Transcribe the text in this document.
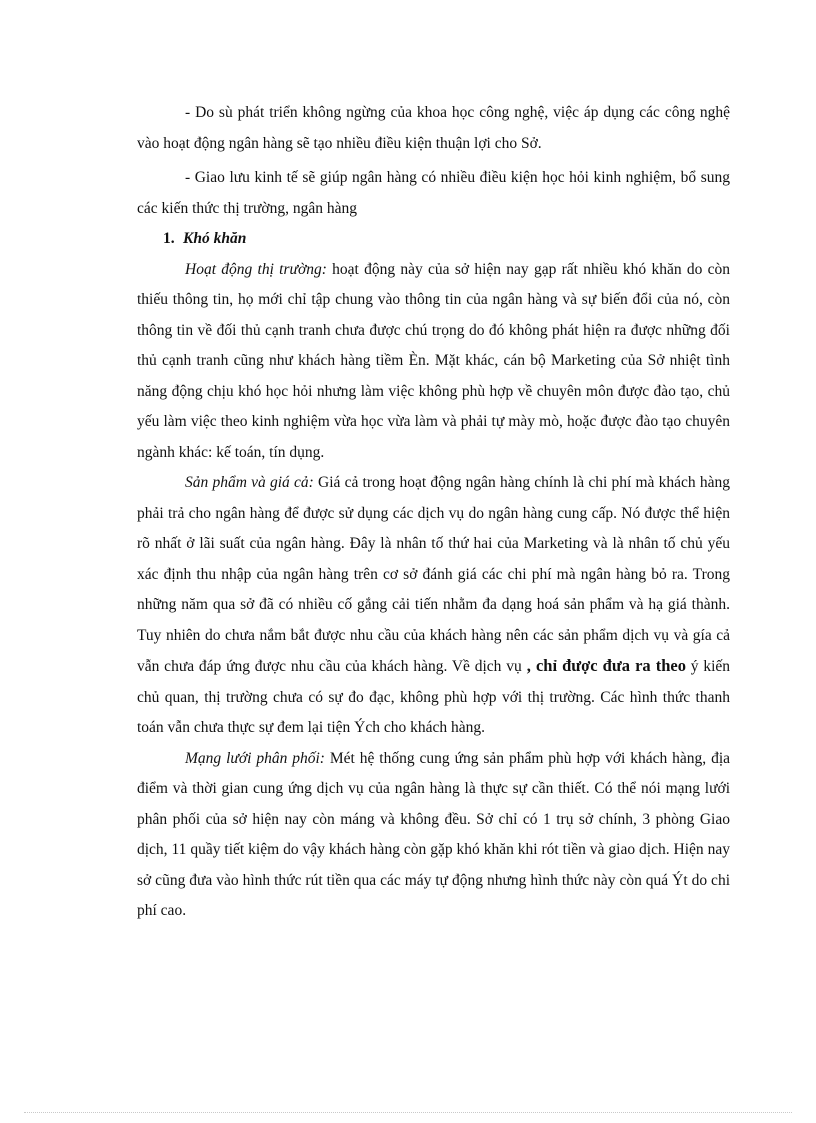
- Do sù phát triển không ngừng của khoa học công nghệ, việc áp dụng các công nghệ vào hoạt động ngân hàng sẽ tạo nhiều điều kiện thuận lợi cho Sở.

- Giao lưu kinh tế sẽ giúp ngân hàng có nhiều điều kiện học hỏi kinh nghiệm, bổ sung các kiến thức thị trường, ngân hàng

1. Khó khăn

Hoạt động thị trường: hoạt động này của sở hiện nay gạp rất nhiều khó khăn do còn thiếu thông tin, họ mới chỉ tập chung vào thông tin của ngân hàng và sự biến đổi của nó, còn thông tin về đối thủ cạnh tranh chưa được chú trọng do đó không phát hiện ra được những đối thủ cạnh tranh cũng như khách hàng tiềm Èn. Mặt khác, cán bộ Marketing của Sở nhiệt tình năng động chịu khó học hỏi nhưng làm việc không phù hợp về chuyên môn được đào tạo, chủ yếu làm việc theo kinh nghiệm vừa học vừa làm và phải tự mày mò, hoặc được đào tạo chuyên ngành khác: kế toán, tín dụng.

Sản phẩm và giá cả: Giá cả trong hoạt động ngân hàng chính là chi phí mà khách hàng phải trả cho ngân hàng để được sử dụng các dịch vụ do ngân hàng cung cấp. Nó được thể hiện rõ nhất ở lãi suất của ngân hàng. Đây là nhân tố thứ hai của Marketing và là nhân tố chủ yếu xác định thu nhập của ngân hàng trên cơ sở đánh giá các chi phí mà ngân hàng bỏ ra. Trong những năm qua sở đã có nhiều cố gắng cải tiến nhằm đa dạng hoá sản phẩm và hạ giá thành. Tuy nhiên do chưa nắm bắt được nhu cầu của khách hàng nên các sản phẩm dịch vụ và gía cả vẫn chưa đáp ứng được nhu cầu của khách hàng. Về dịch vụ , chỉ được đưa ra theo ý kiến chủ quan, thị trường chưa có sự đo đạc, không phù hợp với thị trường. Các hình thức thanh toán vẫn chưa thực sự đem lại tiện Ých cho khách hàng.

Mạng lưới phân phối: Mét hệ thống cung ứng sản phẩm phù hợp với khách hàng, địa điểm và thời gian cung ứng dịch vụ của ngân hàng là thực sự cần thiết. Có thể nói mạng lưới phân phối của sở hiện nay còn máng và không đều. Sở chỉ có 1 trụ sở chính, 3 phòng Giao dịch, 11 quầy tiết kiệm do vậy khách hàng còn gặp khó khăn khi rót tiền và giao dịch. Hiện nay sở cũng đưa vào hình thức rút tiền qua các máy tự động nhưng hình thức này còn quá Ýt do chi phí cao.
